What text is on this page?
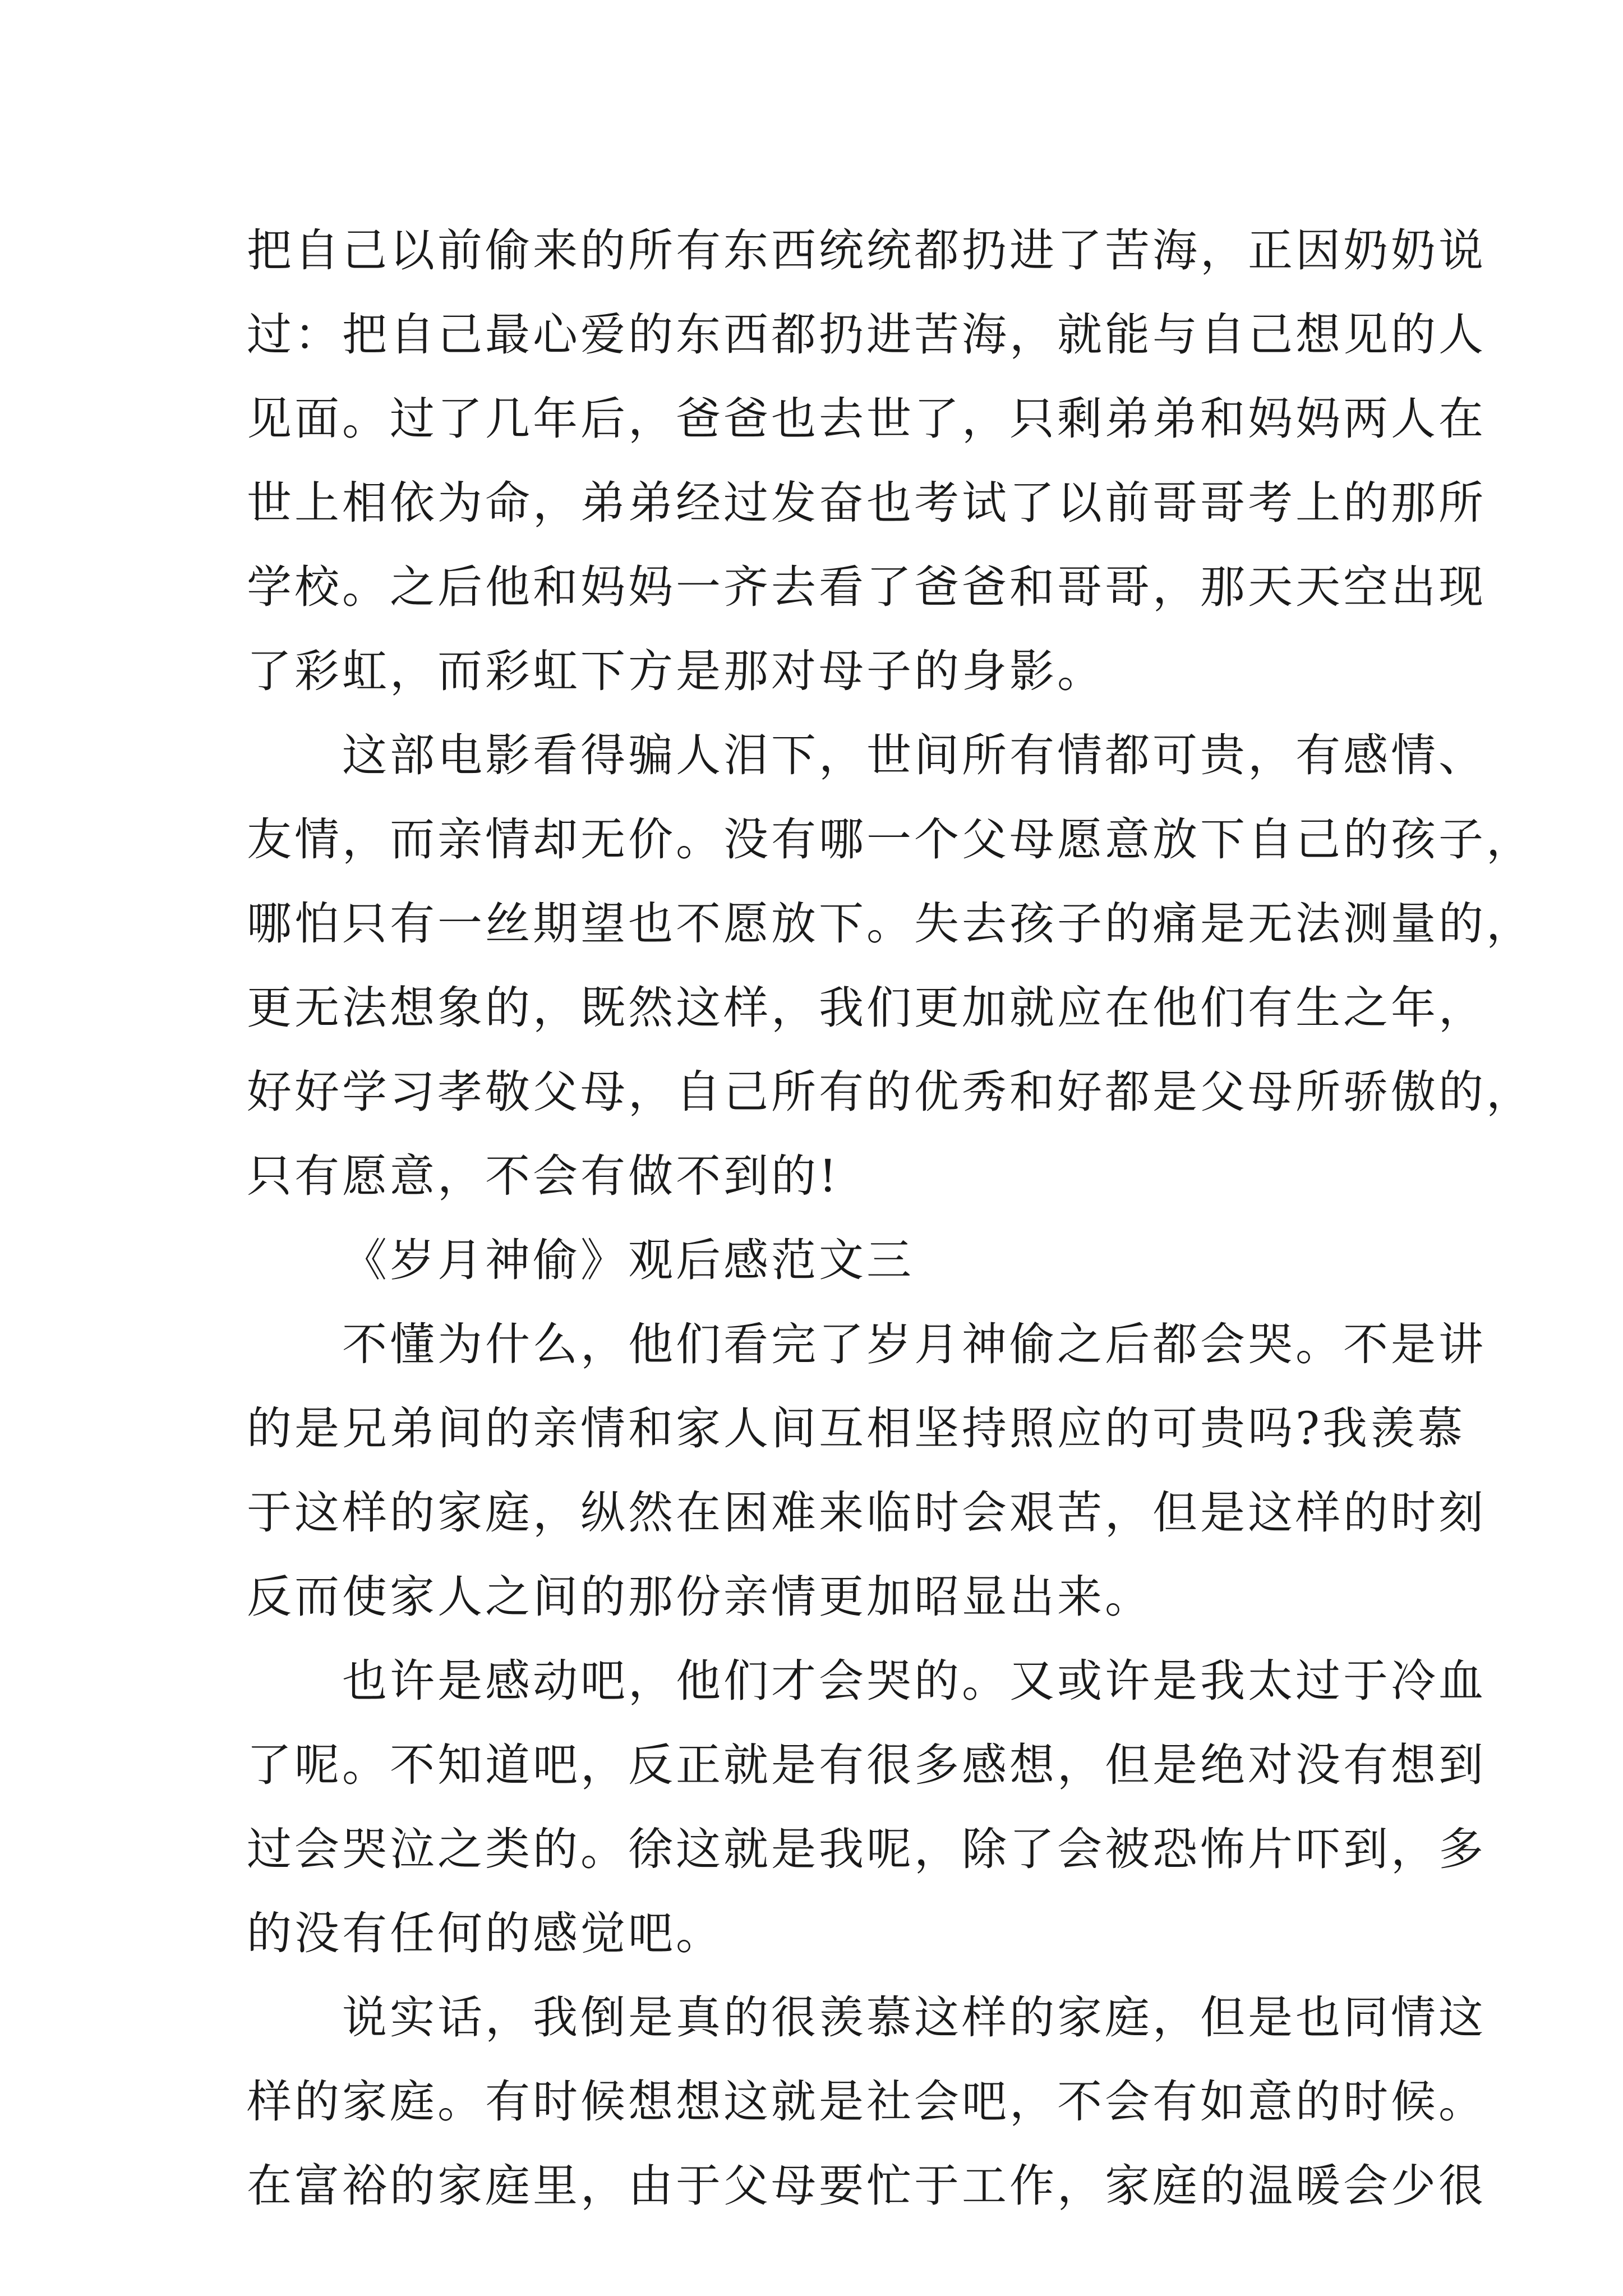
把自己以前偷来的所有东西统统都扔进了苦海，正因奶奶说
过：把自己最心爱的东西都扔进苦海，就能与自己想见的人
见面。过了几年后，爸爸也去世了，只剩弟弟和妈妈两人在
世上相依为命，弟弟经过发奋也考试了以前哥哥考上的那所
学校。之后他和妈妈一齐去看了爸爸和哥哥，那天天空出现
了彩虹，而彩虹下方是那对母子的身影。
这部电影看得骗人泪下，世间所有情都可贵，有感情、
友情，而亲情却无价。没有哪一个父母愿意放下自己的孩子，
哪怕只有一丝期望也不愿放下。失去孩子的痛是无法测量的，
更无法想象的，既然这样，我们更加就应在他们有生之年，
好好学习孝敬父母，自己所有的优秀和好都是父母所骄傲的，
只有愿意，不会有做不到的!
《岁月神偷》观后感范文三
不懂为什么，他们看完了岁月神偷之后都会哭。不是讲
的是兄弟间的亲情和家人间互相坚持照应的可贵吗?我羡慕
于这样的家庭，纵然在困难来临时会艰苦，但是这样的时刻
反而使家人之间的那份亲情更加昭显出来。
也许是感动吧，他们才会哭的。又或许是我太过于冷血
了呢。不知道吧，反正就是有很多感想，但是绝对没有想到
过会哭泣之类的。徐这就是我呢，除了会被恐怖片吓到，多
的没有任何的感觉吧。
说实话，我倒是真的很羡慕这样的家庭，但是也同情这
样的家庭。有时候想想这就是社会吧，不会有如意的时候。
在富裕的家庭里，由于父母要忙于工作，家庭的温暖会少很
